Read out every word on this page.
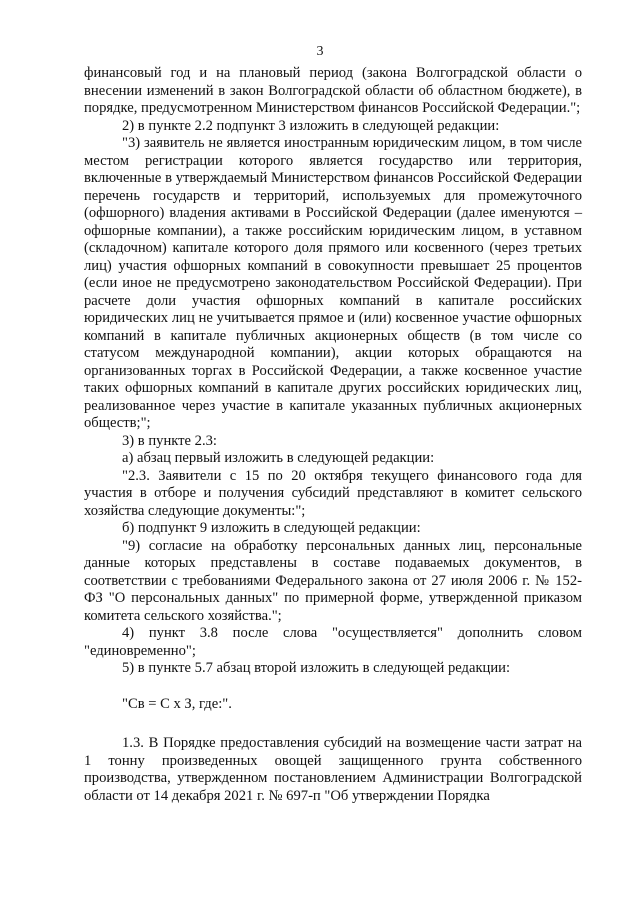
3

финансовый год и на плановый период (закона Волгоградской области о внесении изменений в закон Волгоградской области об областном бюджете), в порядке, предусмотренном Министерством финансов Российской Федерации.";

2) в пункте 2.2 подпункт 3 изложить в следующей редакции:

"3) заявитель не является иностранным юридическим лицом, в том числе местом регистрации которого является государство или территория, включенные в утверждаемый Министерством финансов Российской Федерации перечень государств и территорий, используемых для промежуточного (офшорного) владения активами в Российской Федерации (далее именуются – офшорные компании), а также российским юридическим лицом, в уставном (складочном) капитале которого доля прямого или косвенного (через третьих лиц) участия офшорных компаний в совокупности превышает 25 процентов (если иное не предусмотрено законодательством Российской Федерации). При расчете доли участия офшорных компаний в капитале российских юридических лиц не учитывается прямое и (или) косвенное участие офшорных компаний в капитале публичных акционерных обществ (в том числе со статусом международной компании), акции которых обращаются на организованных торгах в Российской Федерации, а также косвенное участие таких офшорных компаний в капитале других российских юридических лиц, реализованное через участие в капитале указанных публичных акционерных обществ;";

3) в пункте 2.3:

а) абзац первый изложить в следующей редакции:

"2.3. Заявители с 15 по 20 октября текущего финансового года для участия в отборе и получения субсидий представляют в комитет сельского хозяйства следующие документы:";

б) подпункт 9 изложить в следующей редакции:

"9) согласие на обработку персональных данных лиц, персональные данные которых представлены в составе подаваемых документов, в соответствии с требованиями Федерального закона от 27 июля 2006 г. № 152-ФЗ "О персональных данных" по примерной форме, утвержденной приказом комитета сельского хозяйства.";

4) пункт 3.8 после слова "осуществляется" дополнить словом "единовременно";

5) в пункте 5.7 абзац второй изложить в следующей редакции:

"Св = С х З, где:".

1.3. В Порядке предоставления субсидий на возмещение части затрат на 1 тонну произведенных овощей защищенного грунта собственного производства, утвержденном постановлением Администрации Волгоградской области от 14 декабря 2021 г. № 697-п "Об утверждении Порядка
